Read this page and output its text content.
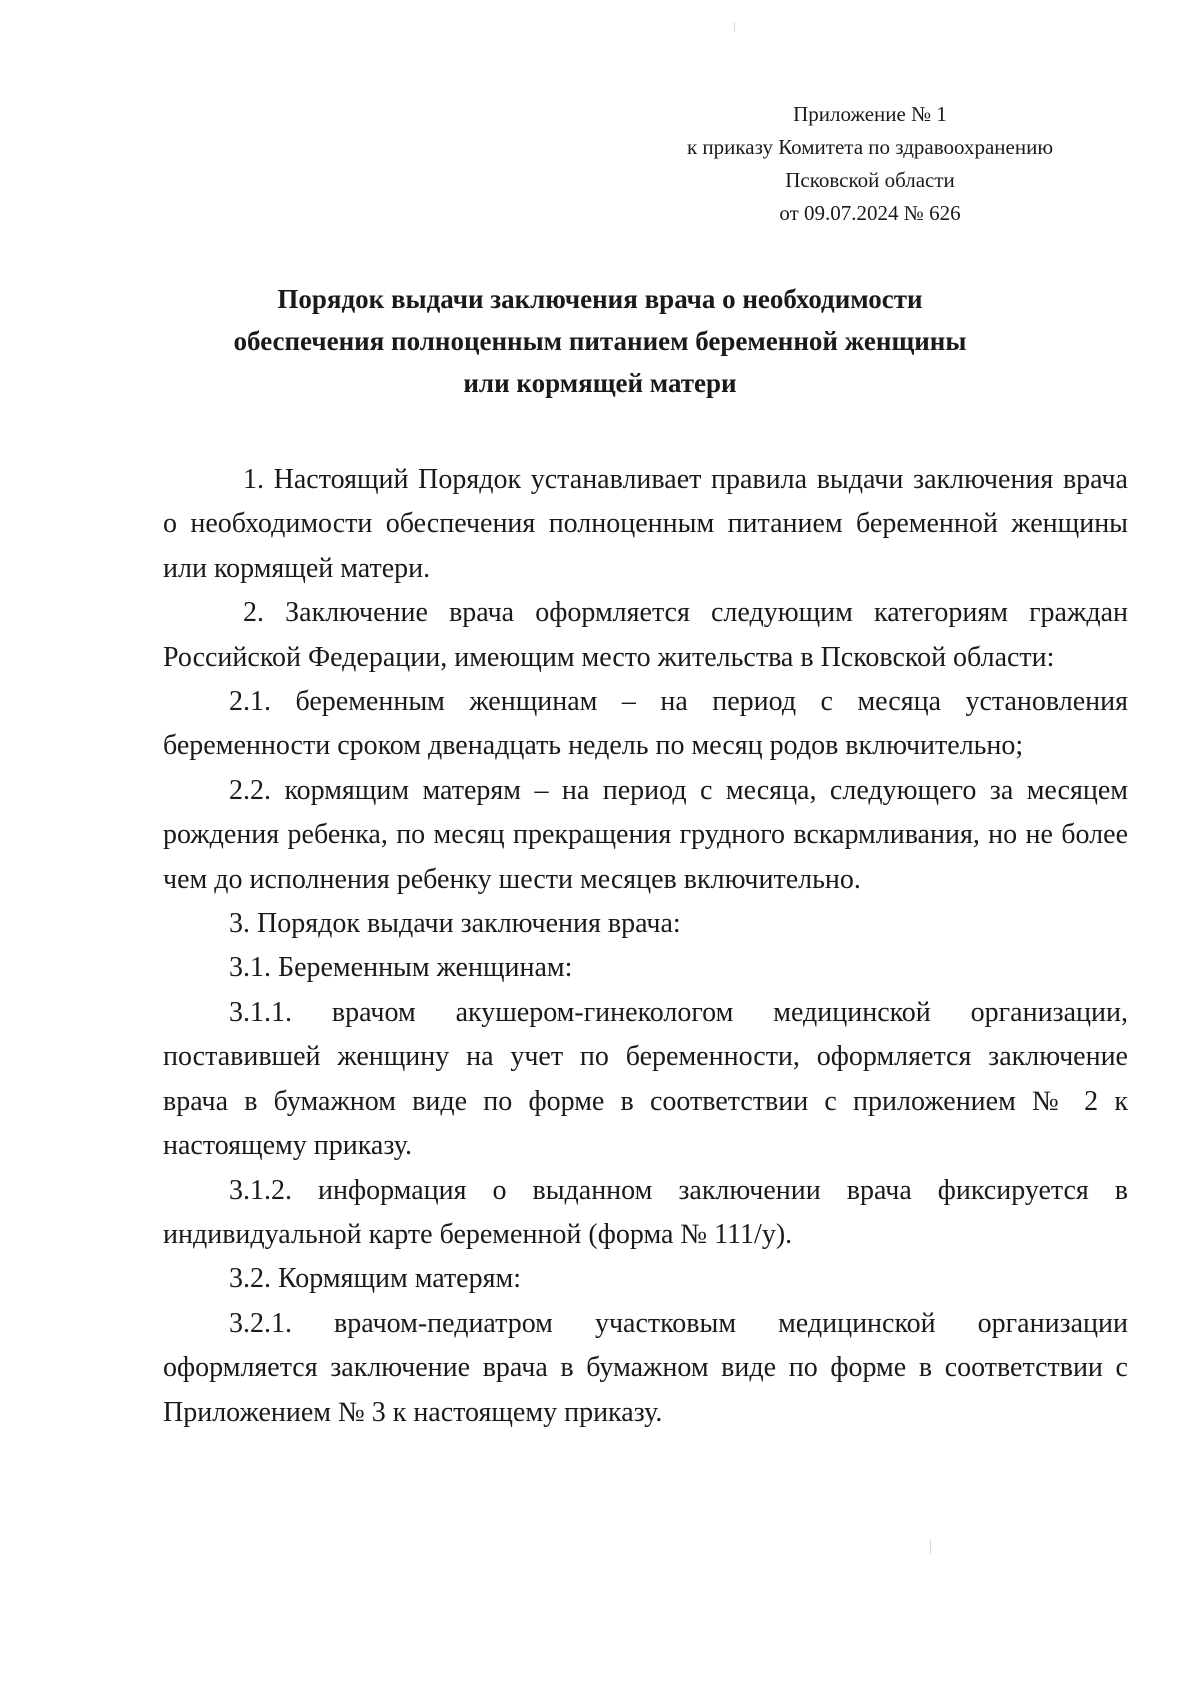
Приложение № 1
к приказу Комитета по здравоохранению
Псковской области
от 09.07.2024 № 626
Порядок выдачи заключения врача о необходимости
обеспечения полноценным питанием беременной женщины
или кормящей матери

1. Настоящий Порядок устанавливает правила выдачи заключения врача о необходимости обеспечения полноценным питанием беременной женщины или кормящей матери.

2. Заключение врача оформляется следующим категориям граждан Российской Федерации, имеющим место жительства в Псковской области:

2.1. беременным женщинам – на период с месяца установления беременности сроком двенадцать недель по месяц родов включительно;

2.2. кормящим матерям – на период с месяца, следующего за месяцем рождения ребенка, по месяц прекращения грудного вскармливания, но не более чем до исполнения ребенку шести месяцев включительно.

3. Порядок выдачи заключения врача:

3.1. Беременным женщинам:

3.1.1. врачом акушером-гинекологом медицинской организации, поставившей женщину на учет по беременности, оформляется заключение врача в бумажном виде по форме в соответствии с приложением № 2 к настоящему приказу.

3.1.2. информация о выданном заключении врача фиксируется в индивидуальной карте беременной (форма № 111/у).

3.2. Кормящим матерям:

3.2.1. врачом-педиатром участковым медицинской организации оформляется заключение врача в бумажном виде по форме в соответствии с Приложением № 3 к настоящему приказу.
